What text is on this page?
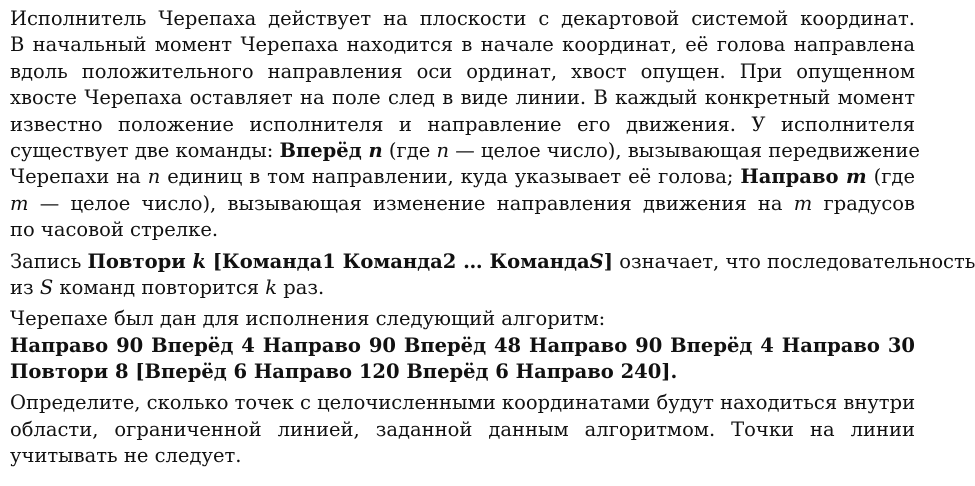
Исполнитель Черепаха действует на плоскости с декартовой системой координат.
В начальный момент Черепаха находится в начале координат, её голова направлена
вдоль положительного направления оси ординат, хвост опущен. При опущенном
хвосте Черепаха оставляет на поле след в виде линии. В каждый конкретный момент
известно положение исполнителя и направление его движения. У исполнителя
существует две команды: Вперёд n (где n — целое число), вызывающая передвижение
Черепахи на n единиц в том направлении, куда указывает её голова; Направо m (где
m — целое число), вызывающая изменение направления движения на m градусов
по часовой стрелке.
Запись Повтори k [Команда1 Команда2 … КомандаS] означает, что последовательность
из S команд повторится k раз.
Черепахе был дан для исполнения следующий алгоритм:
Направо 90 Вперёд 4 Направо 90 Вперёд 48 Направо 90 Вперёд 4 Направо 30
Повтори 8 [Вперёд 6 Направо 120 Вперёд 6 Направо 240].
Определите, сколько точек с целочисленными координатами будут находиться внутри
области, ограниченной линией, заданной данным алгоритмом. Точки на линии
учитывать не следует.
